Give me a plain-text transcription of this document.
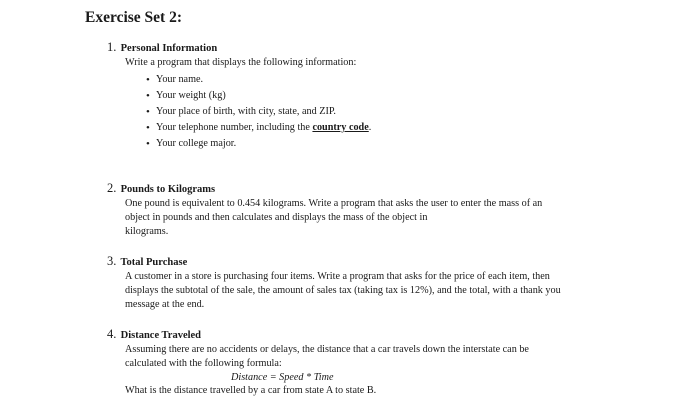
Exercise Set 2:
1. Personal Information
Write a program that displays the following information:
• Your name.
• Your weight (kg)
• Your place of birth, with city, state, and ZIP.
• Your telephone number, including the country code.
• Your college major.
2. Pounds to Kilograms
One pound is equivalent to 0.454 kilograms. Write a program that asks the user to enter the mass of an
object in pounds and then calculates and displays the mass of the object in
kilograms.
3. Total Purchase
A customer in a store is purchasing four items. Write a program that asks for the price of each item, then
displays the subtotal of the sale, the amount of sales tax (taking tax is 12%), and the total, with a thank you
message at the end.
4. Distance Traveled
Assuming there are no accidents or delays, the distance that a car travels down the interstate can be
calculated with the following formula:
Distance = Speed * Time
What is the distance travelled by a car from state A to state B.
